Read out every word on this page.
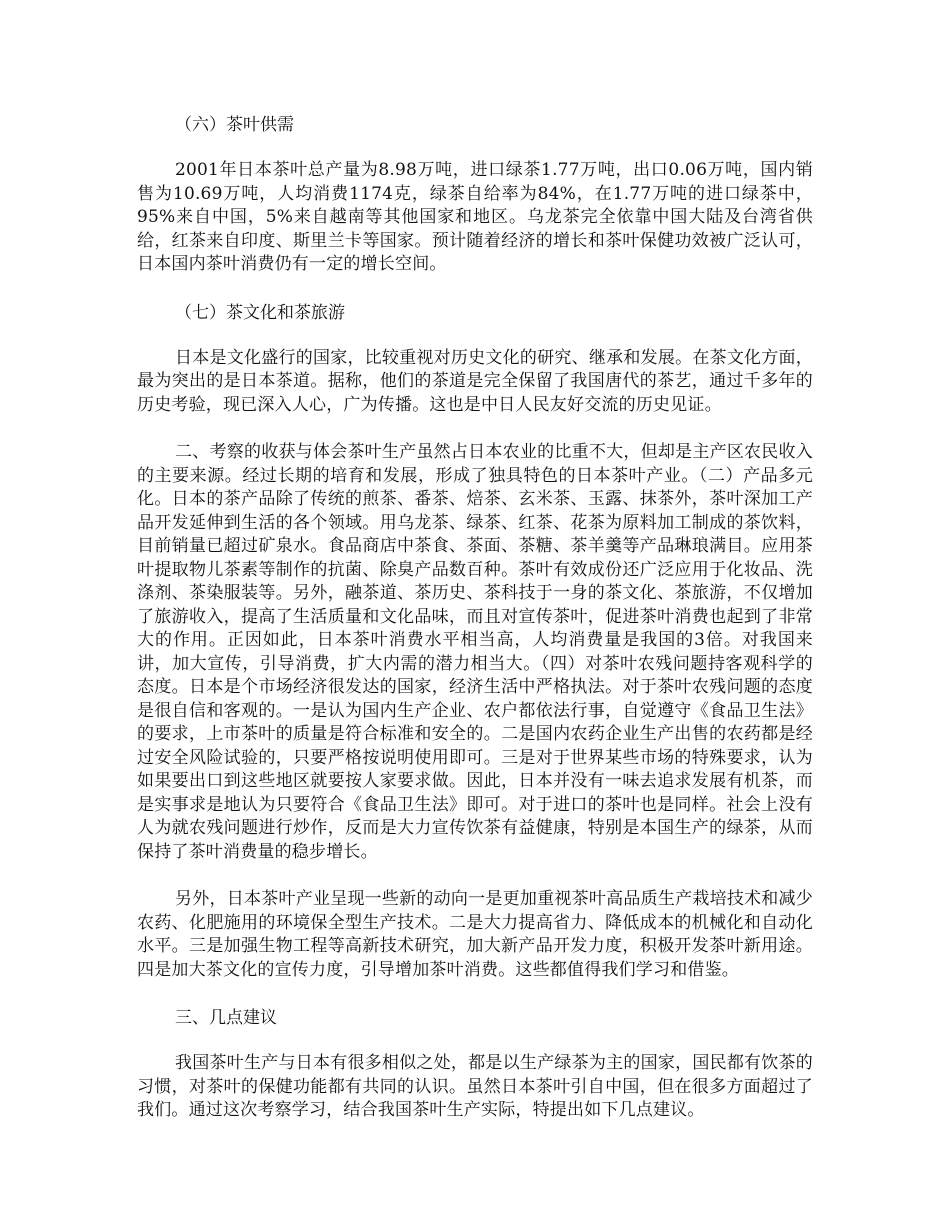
（六）茶叶供需

2001年日本茶叶总产量为8.98万吨，进口绿茶1.77万吨，出口0.06万吨，国内销售为10.69万吨，人均消费1174克，绿茶自给率为84%，在1.77万吨的进口绿茶中，95%来自中国，5%来自越南等其他国家和地区。乌龙茶完全依靠中国大陆及台湾省供给，红茶来自印度、斯里兰卡等国家。预计随着经济的增长和茶叶保健功效被广泛认可，日本国内茶叶消费仍有一定的增长空间。

（七）茶文化和茶旅游

日本是文化盛行的国家，比较重视对历史文化的研究、继承和发展。在茶文化方面，最为突出的是日本茶道。据称，他们的茶道是完全保留了我国唐代的茶艺，通过千多年的历史考验，现已深入人心，广为传播。这也是中日人民友好交流的历史见证。

二、考察的收获与体会茶叶生产虽然占日本农业的比重不大，但却是主产区农民收入的主要来源。经过长期的培育和发展，形成了独具特色的日本茶叶产业。（二）产品多元化。日本的茶产品除了传统的煎茶、番茶、焙茶、玄米茶、玉露、抹茶外，茶叶深加工产品开发延伸到生活的各个领域。用乌龙茶、绿茶、红茶、花茶为原料加工制成的茶饮料，目前销量已超过矿泉水。食品商店中茶食、茶面、茶糖、茶羊羹等产品琳琅满目。应用茶叶提取物儿茶素等制作的抗菌、除臭产品数百种。茶叶有效成份还广泛应用于化妆品、洗涤剂、茶染服装等。另外，融茶道、茶历史、茶科技于一身的茶文化、茶旅游，不仅增加了旅游收入，提高了生活质量和文化品味，而且对宣传茶叶，促进茶叶消费也起到了非常大的作用。正因如此，日本茶叶消费水平相当高，人均消费量是我国的3倍。对我国来讲，加大宣传，引导消费，扩大内需的潜力相当大。（四）对茶叶农残问题持客观科学的态度。日本是个市场经济很发达的国家，经济生活中严格执法。对于茶叶农残问题的态度是很自信和客观的。一是认为国内生产企业、农户都依法行事，自觉遵守《食品卫生法》的要求，上市茶叶的质量是符合标准和安全的。二是国内农药企业生产出售的农药都是经过安全风险试验的，只要严格按说明使用即可。三是对于世界某些市场的特殊要求，认为如果要出口到这些地区就要按人家要求做。因此，日本并没有一味去追求发展有机茶，而是实事求是地认为只要符合《食品卫生法》即可。对于进口的茶叶也是同样。社会上没有人为就农残问题进行炒作，反而是大力宣传饮茶有益健康，特别是本国生产的绿茶，从而保持了茶叶消费量的稳步增长。

另外，日本茶叶产业呈现一些新的动向一是更加重视茶叶高品质生产栽培技术和减少农药、化肥施用的环境保全型生产技术。二是大力提高省力、降低成本的机械化和自动化水平。三是加强生物工程等高新技术研究，加大新产品开发力度，积极开发茶叶新用途。四是加大茶文化的宣传力度，引导增加茶叶消费。这些都值得我们学习和借鉴。

三、几点建议

我国茶叶生产与日本有很多相似之处，都是以生产绿茶为主的国家，国民都有饮茶的习惯，对茶叶的保健功能都有共同的认识。虽然日本茶叶引自中国，但在很多方面超过了我们。通过这次考察学习，结合我国茶叶生产实际，特提出如下几点建议。
